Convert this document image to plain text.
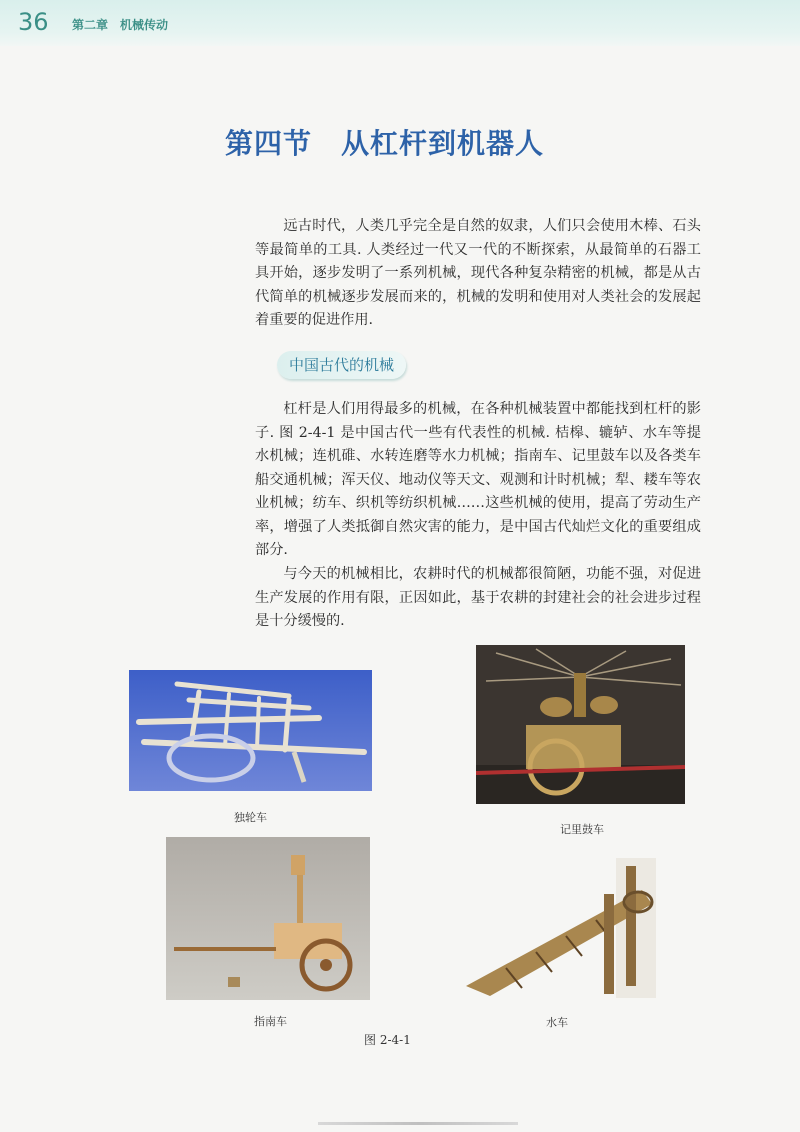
36 第二章　机械传动
第四节　从杠杆到机器人

远古时代，人类几乎完全是自然的奴隶，人们只会使用木棒、石头等最简单的工具. 人类经过一代又一代的不断探索，从最简单的石器工具开始，逐步发明了一系列机械，现代各种复杂精密的机械，都是从古代简单的机械逐步发展而来的，机械的发明和使用对人类社会的发展起着重要的促进作用.

中国古代的机械

杠杆是人们用得最多的机械，在各种机械装置中都能找到杠杆的影子. 图 2-4-1 是中国古代一些有代表性的机械. 桔槔、辘轳、水车等提水机械；连机碓、水转连磨等水力机械；指南车、记里鼓车以及各类车船交通机械；浑天仪、地动仪等天文、观测和计时机械；犁、耧车等农业机械；纺车、织机等纺织机械……这些机械的使用，提高了劳动生产率，增强了人类抵御自然灾害的能力，是中国古代灿烂文化的重要组成部分.

与今天的机械相比，农耕时代的机械都很简陋，功能不强，对促进生产发展的作用有限，正因如此，基于农耕的封建社会的社会进步过程是十分缓慢的.

独轮车
记里鼓车
指南车	水车
图 2-4-1
